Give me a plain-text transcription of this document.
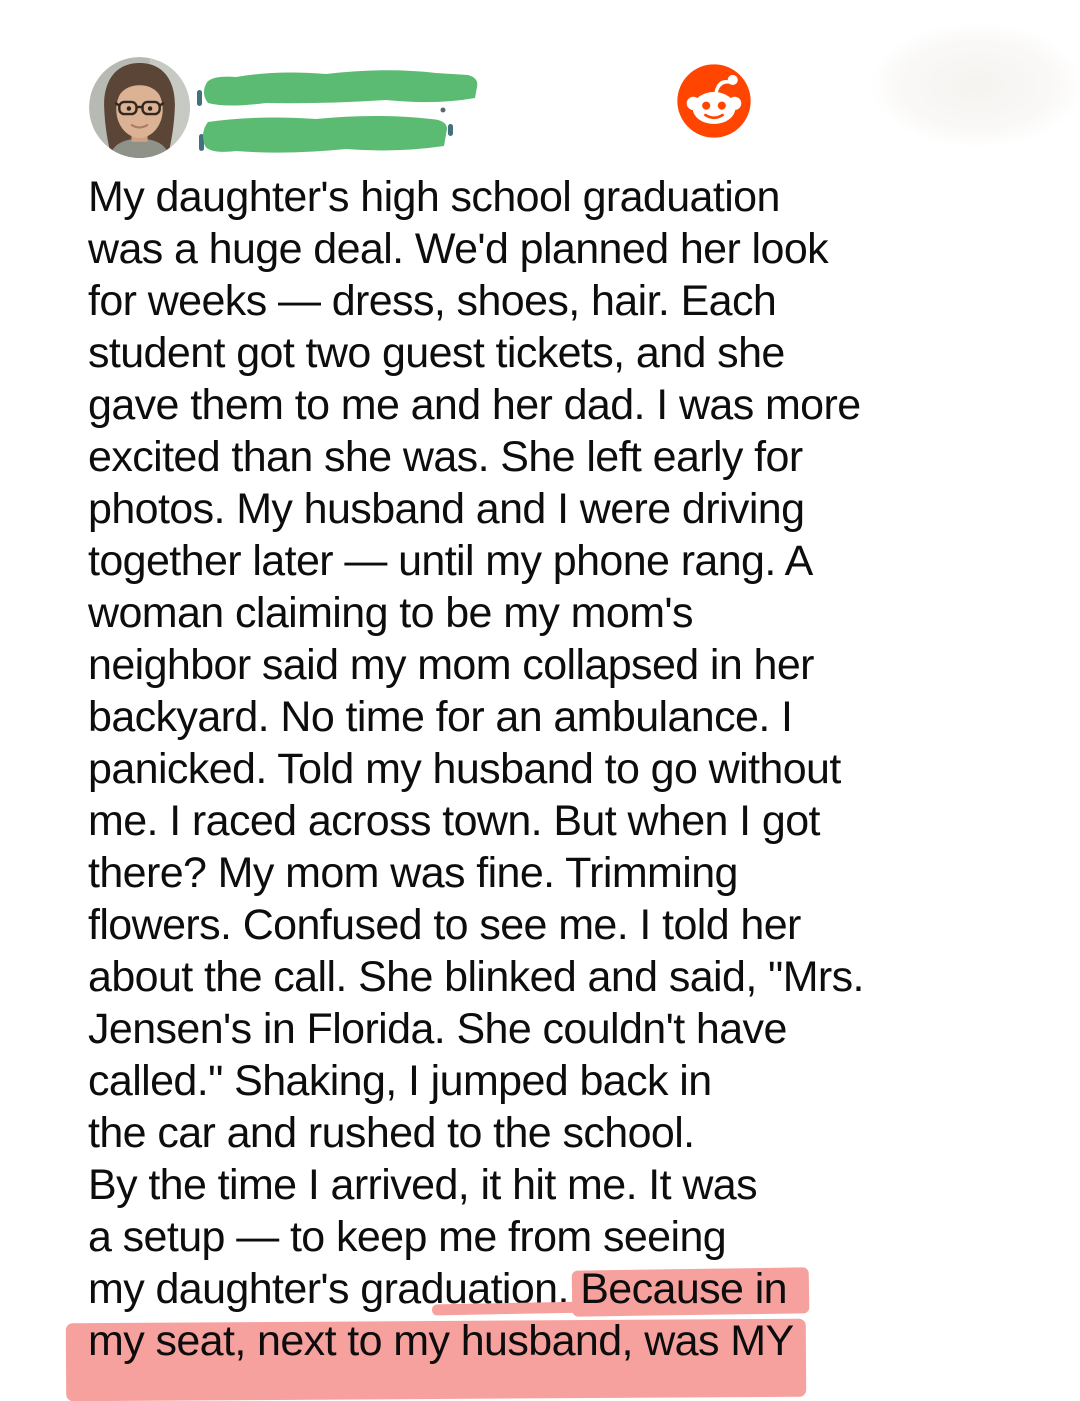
My daughter's high school graduation
was a huge deal. We'd planned her look
for weeks — dress, shoes, hair. Each
student got two guest tickets, and she
gave them to me and her dad. I was more
excited than she was. She left early for
photos. My husband and I were driving
together later — until my phone rang. A
woman claiming to be my mom's
neighbor said my mom collapsed in her
backyard. No time for an ambulance. I
panicked. Told my husband to go without
me. I raced across town. But when I got
there? My mom was fine. Trimming
flowers. Confused to see me. I told her
about the call. She blinked and said, "Mrs.
Jensen's in Florida. She couldn't have
called." Shaking, I jumped back in
the car and rushed to the school.
By the time I arrived, it hit me. It was
a setup — to keep me from seeing
my daughter's graduation. Because in
my seat, next to my husband, was MY
